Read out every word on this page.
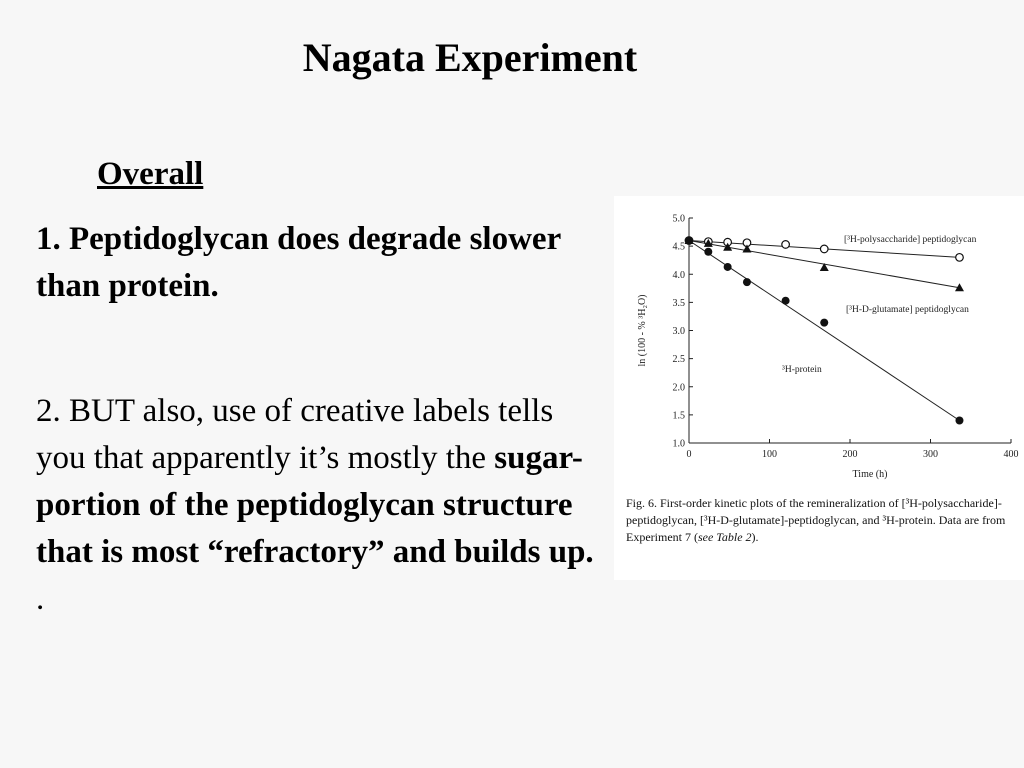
Nagata Experiment
Overall
1. Peptidoglycan does degrade slower than protein.
2. BUT also, use of creative labels tells you that apparently it’s mostly the sugar-portion of the peptidoglycan structure that is most “refractory” and builds up. .
1.0
1.5
2.0
2.5
3.0
3.5
4.0
4.5
5.0
0	100	200	300	400
Time (h)
ln (100 - % ³H₂O)
[³H-polysaccharide] peptidoglycan
[³H-D-glutamate] peptidoglycan
³H-protein
Fig. 6. First-order kinetic plots of the remineralization of [³H-polysaccharide]-peptidoglycan, [³H-D-glutamate]-peptidoglycan, and ³H-protein. Data are from Experiment 7 (see Table 2).
